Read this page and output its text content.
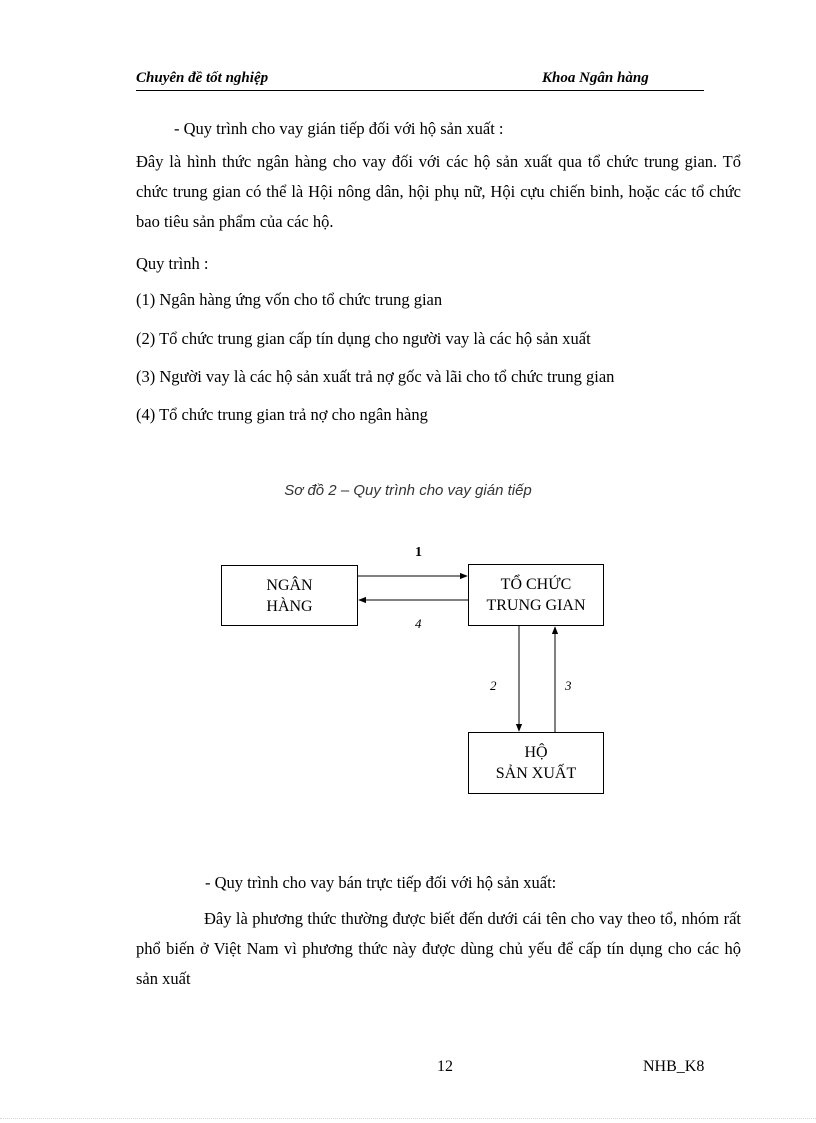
Chuyên đề tốt nghiệp	Khoa Ngân hàng
- Quy trình cho vay gián tiếp đối với hộ sản xuất :
Đây là hình thức ngân hàng cho vay đối với các hộ sản xuất qua tổ chức trung gian. Tổ chức trung gian có thể là Hội nông dân, hội phụ nữ, Hội cựu chiến binh, hoặc các tổ chức bao tiêu sản phẩm của các hộ.
Quy trình :
(1) Ngân hàng ứng vốn cho tổ chức trung gian
(2) Tổ chức trung gian cấp tín dụng cho người vay là các hộ sản xuất
(3) Người vay là các hộ sản xuất trả nợ gốc và lãi cho tổ chức trung gian
(4) Tổ chức trung gian trả nợ cho ngân hàng
Sơ đồ 2 – Quy trình cho vay gián tiếp
NGÂN
HÀNG
TỔ CHỨC
TRUNG GIAN
HỘ
SẢN XUẤT
1
4
2	3
- Quy trình cho vay bán trực tiếp đối với hộ sản xuất:
Đây là phương thức thường được biết đến dưới cái tên cho vay theo tổ, nhóm rất phổ biến ở Việt Nam vì phương thức này được dùng chủ yếu để cấp tín dụng cho các hộ sản xuất
12	NHB_K8
